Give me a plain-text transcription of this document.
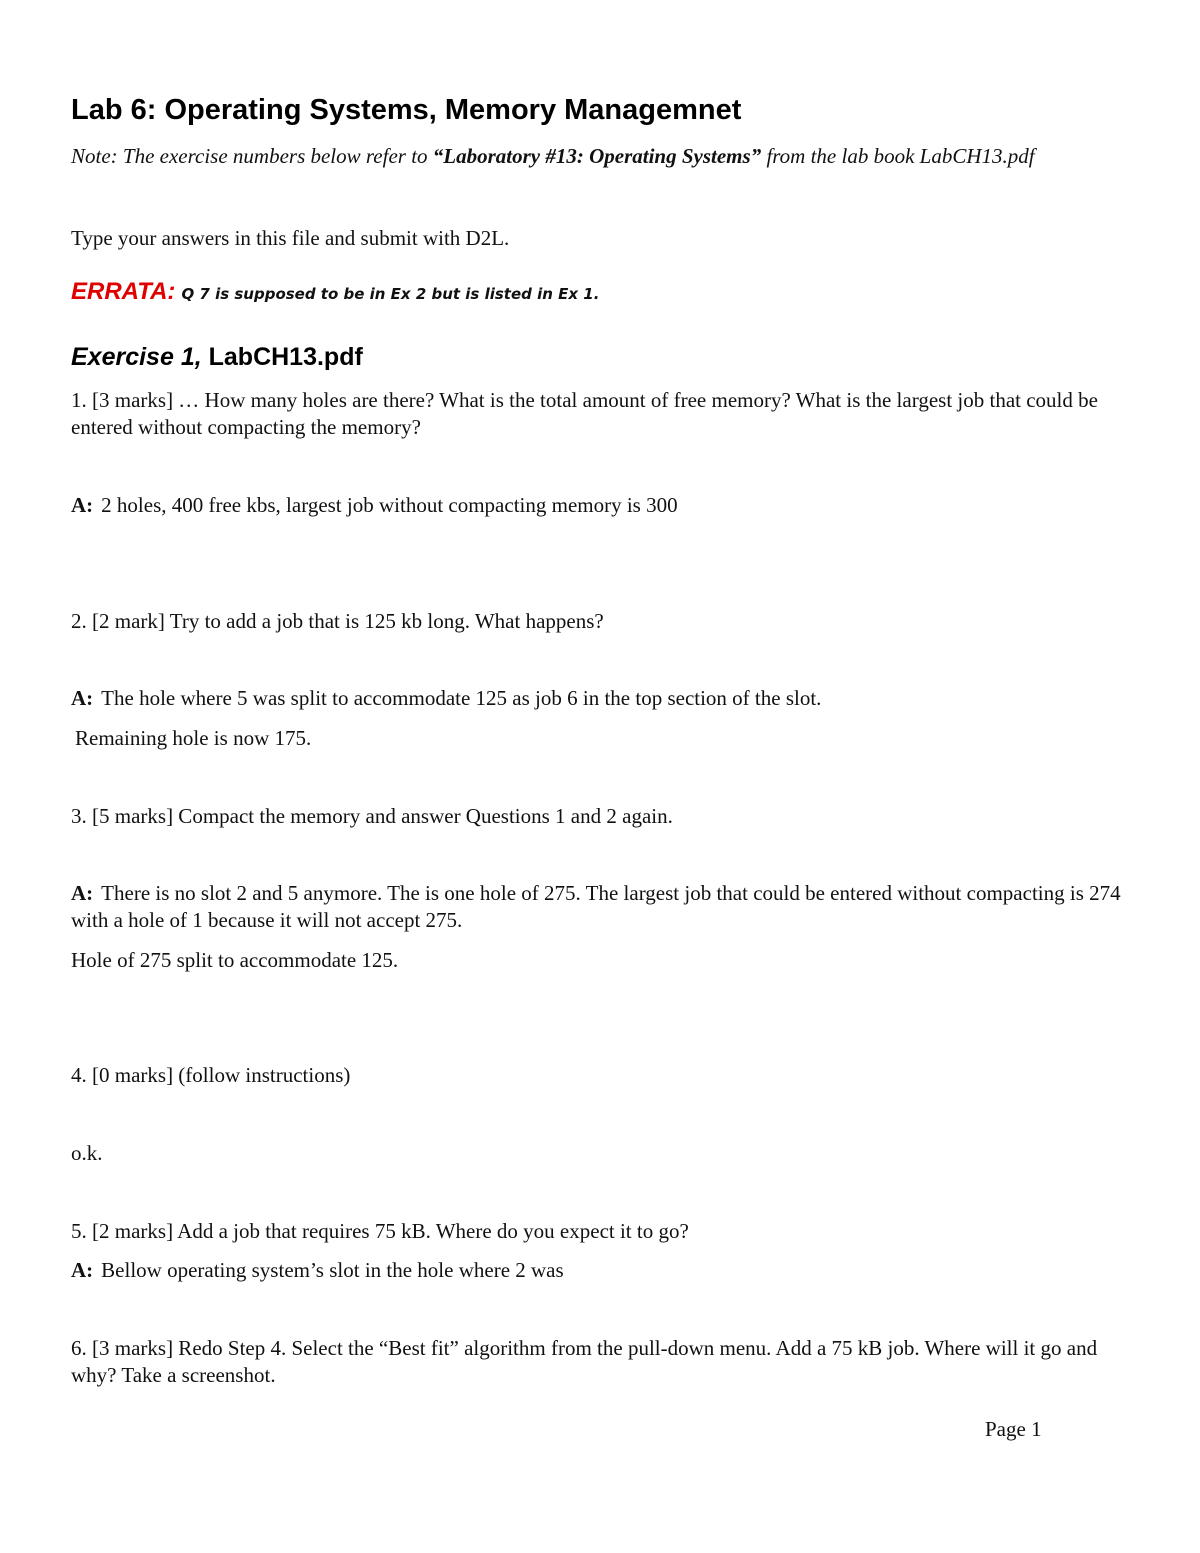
Lab 6: Operating Systems, Memory Managemnet
Note: The exercise numbers below refer to “Laboratory #13: Operating Systems” from the lab book LabCH13.pdf
Type your answers in this file and submit with D2L.
ERRATA: Q 7 is supposed to be in Ex 2 but is listed in Ex 1.
Exercise 1, LabCH13.pdf
1. [3 marks] … How many holes are there? What is the total amount of free memory? What is the largest job that could be entered without compacting the memory?
A: 2 holes, 400 free kbs, largest job without compacting memory is 300
2. [2 mark] Try to add a job that is 125 kb long. What happens?
A: The hole where 5 was split to accommodate 125 as job 6 in the top section of the slot.
Remaining hole is now 175.
3. [5 marks] Compact the memory and answer Questions 1 and 2 again.
A: There is no slot 2 and 5 anymore. The is one hole of 275. The largest job that could be entered without compacting is 274 with a hole of 1 because it will not accept 275.
Hole of 275 split to accommodate 125.
4. [0 marks] (follow instructions)
o.k.
5. [2 marks] Add a job that requires 75 kB. Where do you expect it to go?
A: Bellow operating system’s slot in the hole where 2 was
6. [3 marks] Redo Step 4. Select the “Best fit” algorithm from the pull-down menu. Add a 75 kB job. Where will it go and why? Take a screenshot.
Page 1
